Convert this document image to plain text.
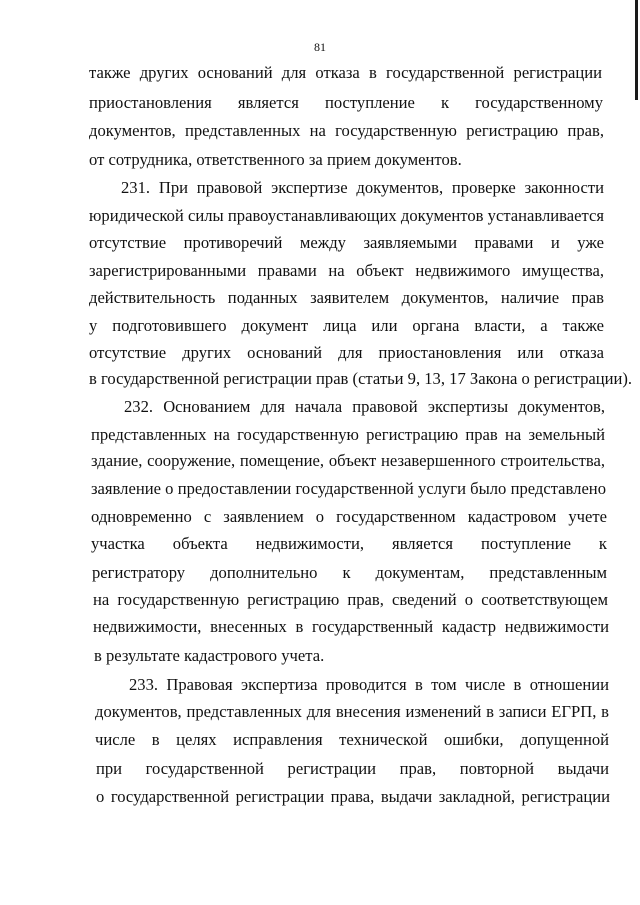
81
также других оснований для отказа в государственной регистрации
приостановления является поступление к государственному
документов, представленных на государственную регистрацию прав,
от сотрудника, ответственного за прием документов.
231. При правовой экспертизе документов, проверке законности
юридической силы правоустанавливающих документов устанавливается
отсутствие противоречий между заявляемыми правами и уже
зарегистрированными правами на объект недвижимого имущества,
действительность поданных заявителем документов, наличие прав
у подготовившего документ лица или органа власти, а также
отсутствие других оснований для приостановления или отказа
в государственной регистрации прав (статьи 9, 13, 17 Закона о регистрации).
232. Основанием для начала правовой экспертизы документов,
представленных на государственную регистрацию прав на земельный
здание, сооружение, помещение, объект незавершенного строительства,
заявление о предоставлении государственной услуги было представлено
одновременно с заявлением о государственном кадастровом учете
участка объекта недвижимости, является поступление к
регистратору дополнительно к документам, представленным
на государственную регистрацию прав, сведений о соответствующем
недвижимости, внесенных в государственный кадастр недвижимости
в результате кадастрового учета.
233. Правовая экспертиза проводится в том числе в отношении
документов, представленных для внесения изменений в записи ЕГРП, в
числе в целях исправления технической ошибки, допущенной
при государственной регистрации прав, повторной выдачи
о государственной регистрации права, выдачи закладной, регистрации
